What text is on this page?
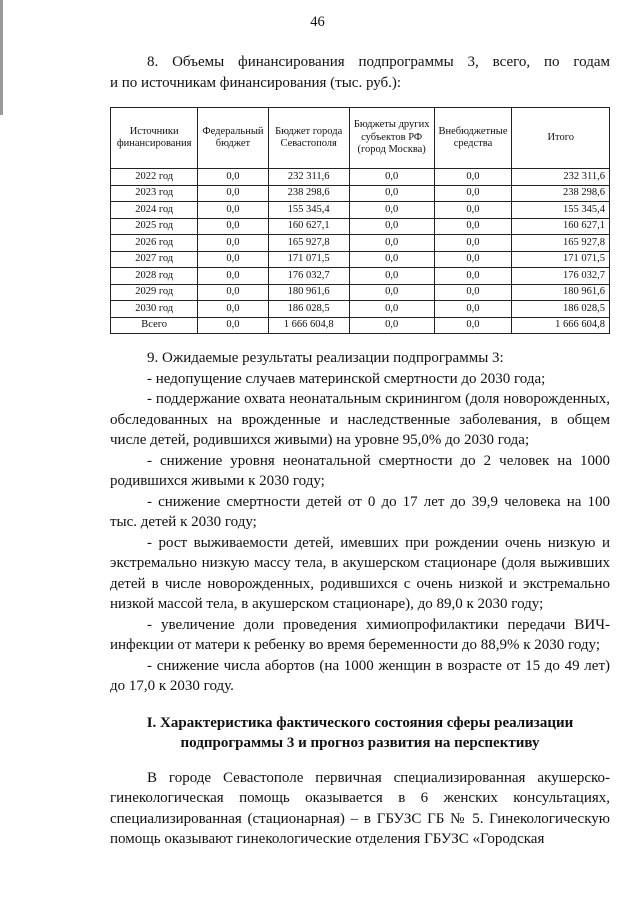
46

8. Объемы финансирования подпрограммы 3, всего, по годам

и по источникам финансирования (тыс. руб.):

Источники финансирования	Федеральный бюджет	Бюджет города Севастополя	Бюджеты других субъектов РФ (город Москва)	Внебюджетные средства	Итого
2022 год	0,0	232 311,6	0,0	0,0	232 311,6
2023 год	0,0	238 298,6	0,0	0,0	238 298,6
2024 год	0,0	155 345,4	0,0	0,0	155 345,4
2025 год	0,0	160 627,1	0,0	0,0	160 627,1
2026 год	0,0	165 927,8	0,0	0,0	165 927,8
2027 год	0,0	171 071,5	0,0	0,0	171 071,5
2028 год	0,0	176 032,7	0,0	0,0	176 032,7
2029 год	0,0	180 961,6	0,0	0,0	180 961,6
2030 год	0,0	186 028,5	0,0	0,0	186 028,5
Всего	0,0	1 666 604,8	0,0	0,0	1 666 604,8

9. Ожидаемые результаты реализации подпрограммы 3:

- недопущение случаев материнской смертности до 2030 года;

- поддержание охвата неонатальным скринингом (доля новорожденных, обследованных на врожденные и наследственные заболевания, в общем числе детей, родившихся живыми) на уровне 95,0% до 2030 года;

- снижение уровня неонатальной смертности до 2 человек на 1000 родившихся живыми к 2030 году;

- снижение смертности детей от 0 до 17 лет до 39,9 человека на 100 тыс. детей к 2030 году;

- рост выживаемости детей, имевших при рождении очень низкую и экстремально низкую массу тела, в акушерском стационаре (доля выживших детей в числе новорожденных, родившихся с очень низкой и экстремально низкой массой тела, в акушерском стационаре), до 89,0 к 2030 году;

- увеличение доли проведения химиопрофилактики передачи ВИЧ-инфекции от матери к ребенку во время беременности до 88,9% к 2030 году;

- снижение числа абортов (на 1000 женщин в возрасте от 15 до 49 лет) до 17,0 к 2030 году.

I. Характеристика фактического состояния сферы реализации
подпрограммы 3 и прогноз развития на перспективу

В городе Севастополе первичная специализированная акушерско-гинекологическая помощь оказывается в 6 женских консультациях, специализированная (стационарная) – в ГБУЗС ГБ № 5. Гинекологическую помощь оказывают гинекологические отделения ГБУЗС «Городская
